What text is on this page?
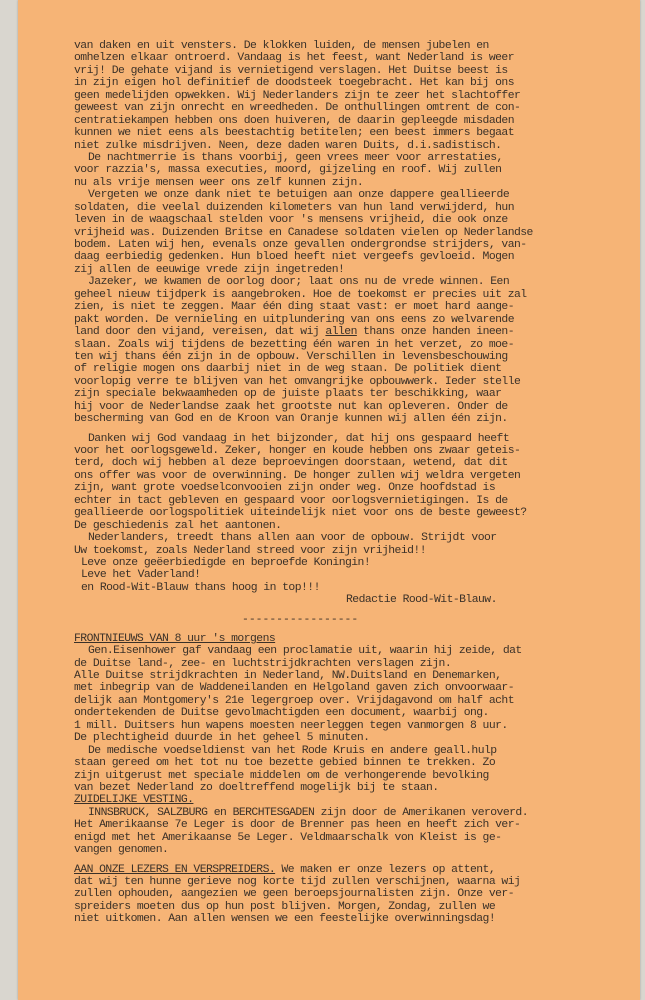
van daken en uit vensters. De klokken luiden, de mensen jubelen en
omhelzen elkaar ontroerd. Vandaag is het feest, want Nederland is weer
vrij! De gehate vijand is vernietigend verslagen. Het Duitse beest is
in zijn eigen hol definitief de doodsteek toegebracht. Het kan bij ons
geen medelijden opwekken. Wij Nederlanders zijn te zeer het slachtoffer
geweest van zijn onrecht en wreedheden. De onthullingen omtrent de con-
centratiekampen hebben ons doen huiveren, de daarin gepleegde misdaden
kunnen we niet eens als beestachtig betitelen; een beest immers begaat
niet zulke misdrijven. Neen, deze daden waren Duits, d.i.sadistisch.
De nachtmerrie is thans voorbij, geen vrees meer voor arrestaties,
voor razzia's, massa executies, moord, gijzeling en roof. Wij zullen
nu als vrije mensen weer ons zelf kunnen zijn.
Vergeten we onze dank niet te betuigen aan onze dappere geallieerde
soldaten, die veelal duizenden kilometers van hun land verwijderd, hun
leven in de waagschaal stelden voor 's mensens vrijheid, die ook onze
vrijheid was. Duizenden Britse en Canadese soldaten vielen op Nederlandse
bodem. Laten wij hen, evenals onze gevallen ondergrondse strijders, van-
daag eerbiedig gedenken. Hun bloed heeft niet vergeefs gevloeid. Mogen
zij allen de eeuwige vrede zijn ingetreden!
Jazeker, we kwamen de oorlog door; laat ons nu de vrede winnen. Een
geheel nieuw tijdperk is aangebroken. Hoe de toekomst er precies uit zal
zien, is niet te zeggen. Maar één ding staat vast: er moet hard aange-
pakt worden. De vernieling en uitplundering van ons eens zo welvarende
land door den vijand, vereisen, dat wij allen thans onze handen ineen-
slaan. Zoals wij tijdens de bezetting één waren in het verzet, zo moe-
ten wij thans één zijn in de opbouw. Verschillen in levensbeschouwing
of religie mogen ons daarbij niet in de weg staan. De politiek dient
voorlopig verre te blijven van het omvangrijke opbouwwerk. Ieder stelle
zijn speciale bekwaamheden op de juiste plaats ter beschikking, waar
hij voor de Nederlandse zaak het grootste nut kan opleveren. Onder de
bescherming van God en de Kroon van Oranje kunnen wij allen één zijn.
Danken wij God vandaag in het bijzonder, dat hij ons gespaard heeft
voor het oorlogsgeweld. Zeker, honger en koude hebben ons zwaar geteis-
terd, doch wij hebben al deze beproevingen doorstaan, wetend, dat dit
ons offer was voor de overwinning. De honger zullen wij weldra vergeten
zijn, want grote voedselconvooien zijn onder weg. Onze hoofdstad is
echter in tact gebleven en gespaard voor oorlogsvernietigingen. Is de
geallieerde oorlogspolitiek uiteindelijk niet voor ons de beste geweest?
De geschiedenis zal het aantonen.
Nederlanders, treedt thans allen aan voor de opbouw. Strijdt voor
Uw toekomst, zoals Nederland streed voor zijn vrijheid!!
Leve onze geëerbiedigde en beproefde Koningin!
Leve het Vaderland!
en Rood-Wit-Blauw thans hoog in top!!!
Redactie Rood-Wit-Blauw.
-----------------
FRONTNIEUWS VAN 8 uur 's morgens
Gen.Eisenhower gaf vandaag een proclamatie uit, waarin hij zeide, dat
de Duitse land-, zee- en luchtstrijdkrachten verslagen zijn.
Alle Duitse strijdkrachten in Nederland, NW.Duitsland en Denemarken,
met inbegrip van de Waddeneilanden en Helgoland gaven zich onvoorwaar-
delijk aan Montgomery's 21e legergroep over. Vrijdagavond om half acht
ondertekenden de Duitse gevolmachtigden een document, waarbij ong.
1 mill. Duitsers hun wapens moesten neerleggen tegen vanmorgen 8 uur.
De plechtigheid duurde in het geheel 5 minuten.
De medische voedseldienst van het Rode Kruis en andere geall.hulp
staan gereed om het tot nu toe bezette gebied binnen te trekken. Zo
zijn uitgerust met speciale middelen om de verhongerende bevolking
van bezet Nederland zo doeltreffend mogelijk bij te staan.
ZUIDELIJKE VESTING.
INNSBRUCK, SALZBURG en BERCHTESGADEN zijn door de Amerikanen veroverd.
Het Amerikaanse 7e Leger is door de Brenner pas heen en heeft zich ver-
enigd met het Amerikaanse 5e Leger. Veldmaarschalk von Kleist is ge-
vangen genomen.
AAN ONZE LEZERS EN VERSPREIDERS. We maken er onze lezers op attent,
dat wij ten hunne gerieve nog korte tijd zullen verschijnen, waarna wij
zullen ophouden, aangezien we geen beroepsjournalisten zijn. Onze ver-
spreiders moeten dus op hun post blijven. Morgen, Zondag, zullen we
niet uitkomen. Aan allen wensen we een feestelijke overwinningsdag!
